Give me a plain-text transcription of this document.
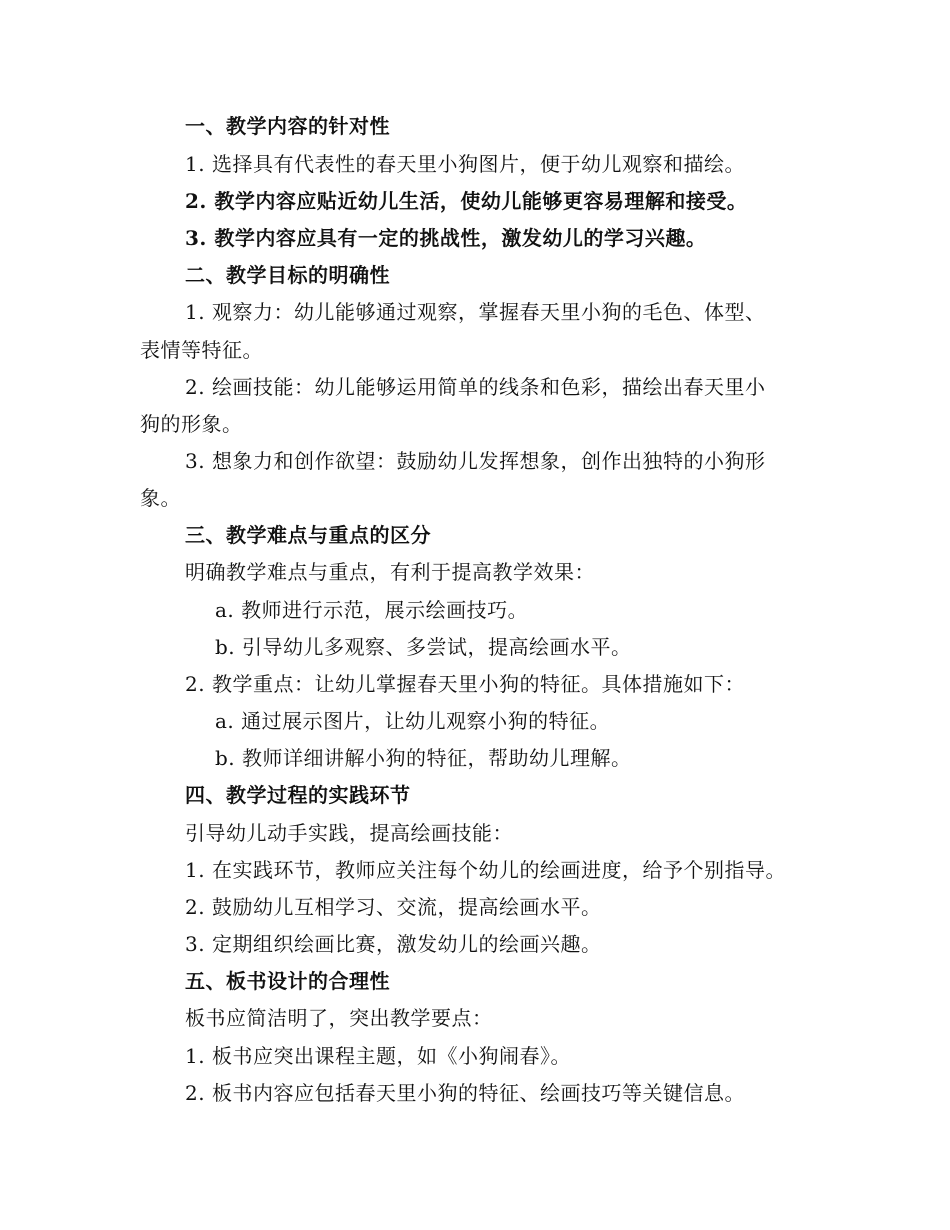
一、教学内容的针对性
1. 选择具有代表性的春天里小狗图片，便于幼儿观察和描绘。
2. 教学内容应贴近幼儿生活，使幼儿能够更容易理解和接受。
3. 教学内容应具有一定的挑战性，激发幼儿的学习兴趣。
二、教学目标的明确性
1. 观察力：幼儿能够通过观察，掌握春天里小狗的毛色、体型、
表情等特征。
2. 绘画技能：幼儿能够运用简单的线条和色彩，描绘出春天里小
狗的形象。
3. 想象力和创作欲望：鼓励幼儿发挥想象，创作出独特的小狗形
象。
三、教学难点与重点的区分
明确教学难点与重点，有利于提高教学效果：
a. 教师进行示范，展示绘画技巧。
b. 引导幼儿多观察、多尝试，提高绘画水平。
2. 教学重点：让幼儿掌握春天里小狗的特征。具体措施如下：
a. 通过展示图片，让幼儿观察小狗的特征。
b. 教师详细讲解小狗的特征，帮助幼儿理解。
四、教学过程的实践环节
引导幼儿动手实践，提高绘画技能：
1. 在实践环节，教师应关注每个幼儿的绘画进度，给予个别指导。
2. 鼓励幼儿互相学习、交流，提高绘画水平。
3. 定期组织绘画比赛，激发幼儿的绘画兴趣。
五、板书设计的合理性
板书应简洁明了，突出教学要点：
1. 板书应突出课程主题，如《小狗闹春》。
2. 板书内容应包括春天里小狗的特征、绘画技巧等关键信息。
